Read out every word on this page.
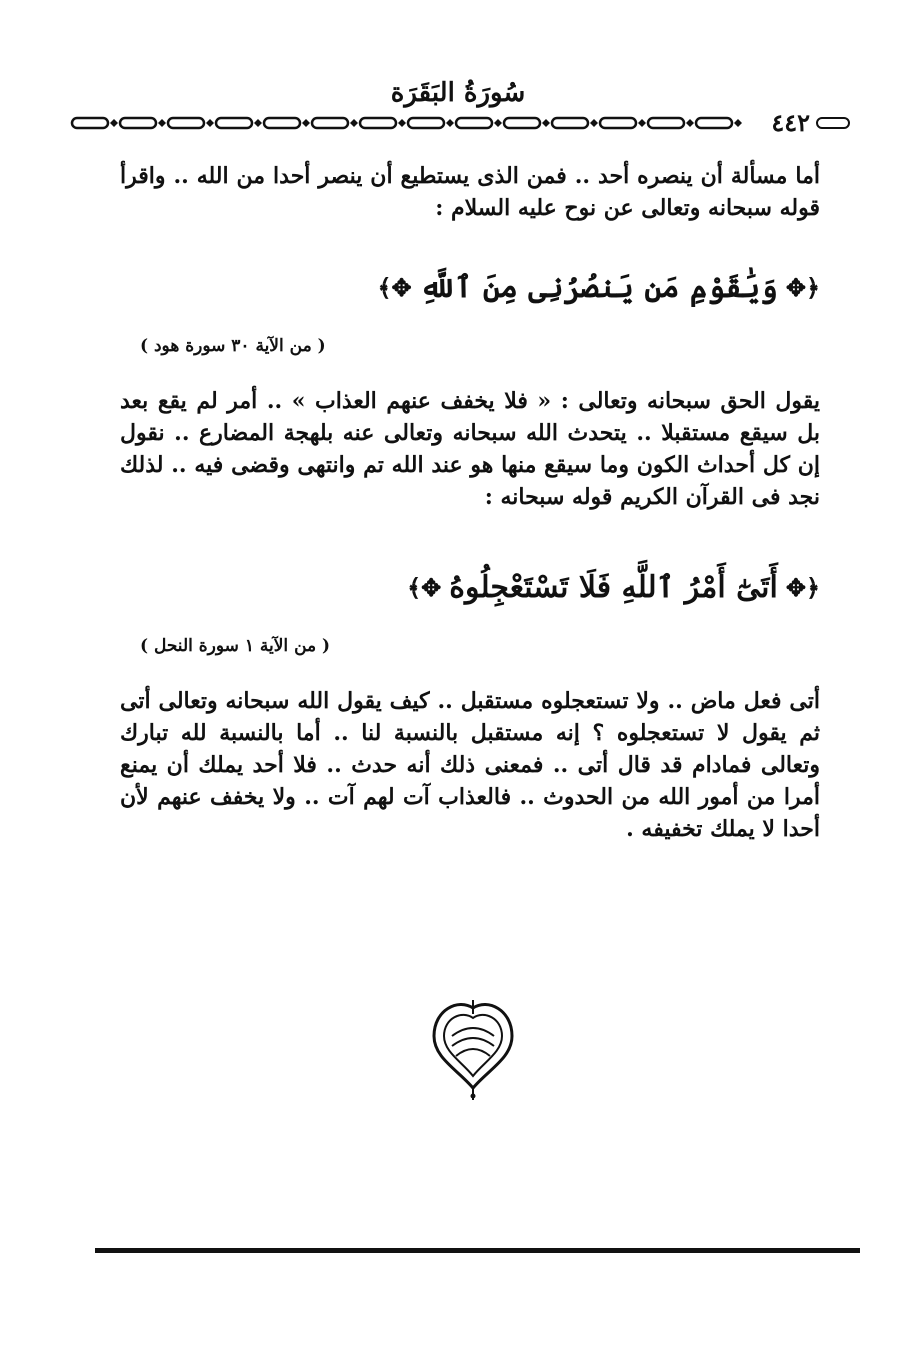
سُورَةُ البَقَرَة
٤٤٢
أما مسألة أن ينصره أحد .. فمن الذى يستطيع أن ينصر أحدا من الله .. واقرأ قوله سبحانه وتعالى عن نوح عليه السلام :
﴿✥
وَيَٰقَوْمِ مَن يَنصُرُنِى مِنَ ٱللَّهِ
✥﴾
( من الآية ٣٠ سورة هود )
يقول الحق سبحانه وتعالى : « فلا يخفف عنهم العذاب » .. أمر لم يقع بعد بل سيقع مستقبلا .. يتحدث الله سبحانه وتعالى عنه بلهجة المضارع .. نقول إن كل أحداث الكون وما سيقع منها هو عند الله تم وانتهى وقضى فيه .. لذلك نجد فى القرآن الكريم قوله سبحانه :
﴿✥
أَتَىٰٓ أَمْرُ ٱللَّهِ فَلَا تَسْتَعْجِلُوهُ
✥﴾
( من الآية ١ سورة النحل )
أتى فعل ماض .. ولا تستعجلوه مستقبل .. كيف يقول الله سبحانه وتعالى أتى ثم يقول لا تستعجلوه ؟ إنه مستقبل بالنسبة لنا .. أما بالنسبة لله تبارك وتعالى فمادام قد قال أتى .. فمعنى ذلك أنه حدث .. فلا أحد يملك أن يمنع أمرا من أمور الله من الحدوث .. فالعذاب آت لهم آت .. ولا يخفف عنهم لأن أحدا لا يملك تخفيفه .
